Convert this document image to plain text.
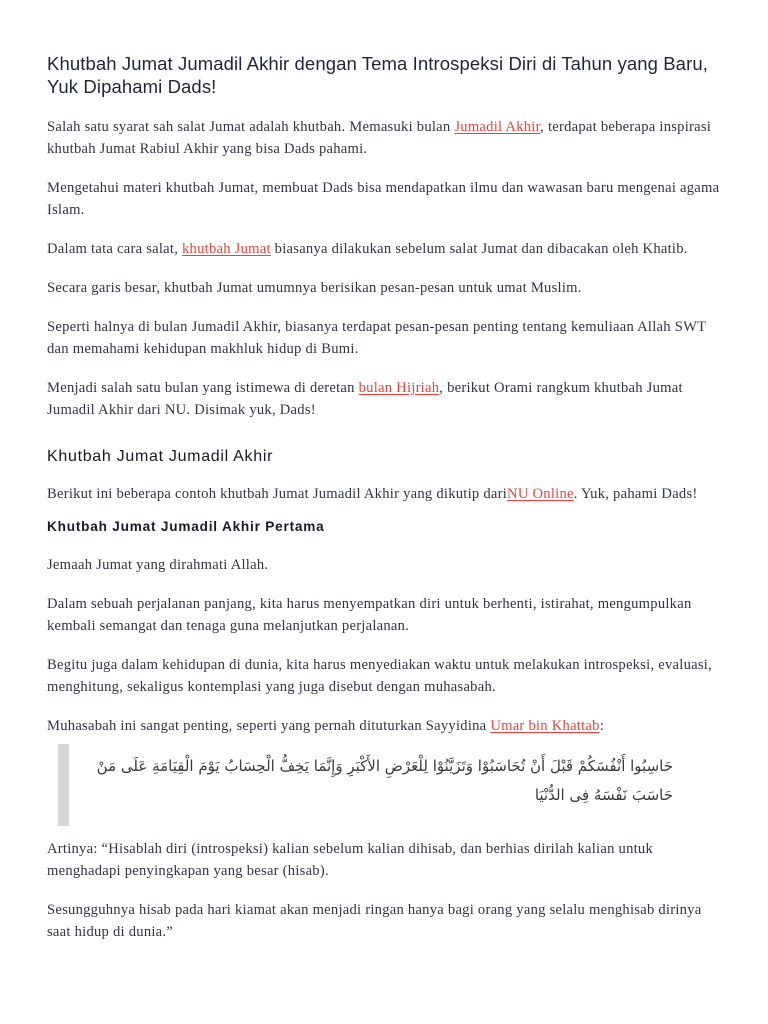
Khutbah Jumat Jumadil Akhir dengan Tema Introspeksi Diri di Tahun yang Baru, Yuk Dipahami Dads!

Salah satu syarat sah salat Jumat adalah khutbah. Memasuki bulan Jumadil Akhir, terdapat beberapa inspirasi khutbah Jumat Rabiul Akhir yang bisa Dads pahami.

Mengetahui materi khutbah Jumat, membuat Dads bisa mendapatkan ilmu dan wawasan baru mengenai agama Islam.

Dalam tata cara salat, khutbah Jumat biasanya dilakukan sebelum salat Jumat dan dibacakan oleh Khatib.

Secara garis besar, khutbah Jumat umumnya berisikan pesan-pesan untuk umat Muslim.

Seperti halnya di bulan Jumadil Akhir, biasanya terdapat pesan-pesan penting tentang kemuliaan Allah SWT dan memahami kehidupan makhluk hidup di Bumi.

Menjadi salah satu bulan yang istimewa di deretan bulan Hijriah, berikut Orami rangkum khutbah Jumat Jumadil Akhir dari NU. Disimak yuk, Dads!

Khutbah Jumat Jumadil Akhir

Berikut ini beberapa contoh khutbah Jumat Jumadil Akhir yang dikutip dariNU Online. Yuk, pahami Dads!

Khutbah Jumat Jumadil Akhir Pertama

Jemaah Jumat yang dirahmati Allah.

Dalam sebuah perjalanan panjang, kita harus menyempatkan diri untuk berhenti, istirahat, mengumpulkan kembali semangat dan tenaga guna melanjutkan perjalanan.

Begitu juga dalam kehidupan di dunia, kita harus menyediakan waktu untuk melakukan introspeksi, evaluasi, menghitung, sekaligus kontemplasi yang juga disebut dengan muhasabah.

Muhasabah ini sangat penting, seperti yang pernah dituturkan Sayyidina Umar bin Khattab:

حَاسِبُوا أَنْفُسَكُمْ قَبْلَ أَنْ تُحَاسَبُوْا وَتَزَيَّنُوْا لِلْعَرْضِ الأَكْبَرِ وَإِنَّمَا يَخِفُّ الْحِسَابُ يَوْمَ الْقِيَامَةِ عَلَى مَنْ حَاسَبَ نَفْسَهُ فِى الدُّنْيَا

Artinya: “Hisablah diri (introspeksi) kalian sebelum kalian dihisab, dan berhias dirilah kalian untuk menghadapi penyingkapan yang besar (hisab).

Sesungguhnya hisab pada hari kiamat akan menjadi ringan hanya bagi orang yang selalu menghisab dirinya saat hidup di dunia.”
